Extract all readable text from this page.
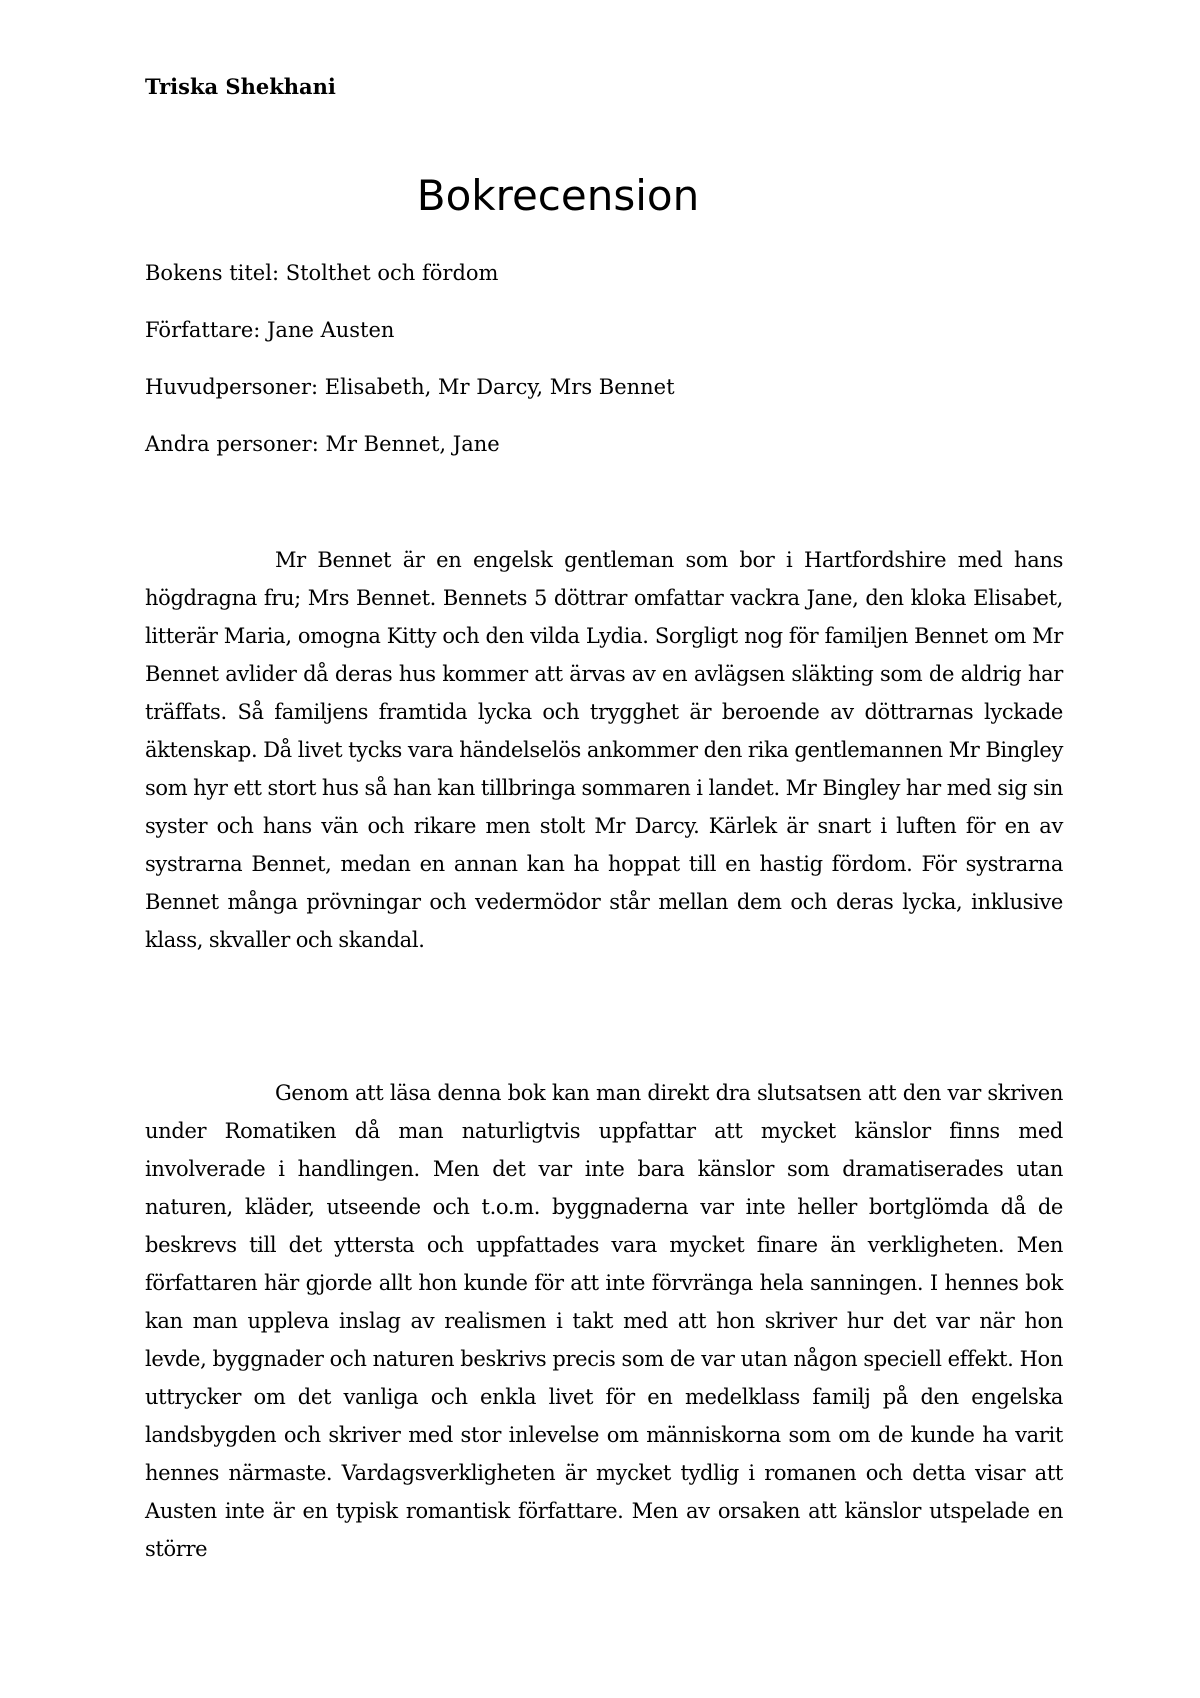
Triska Shekhani
Bokrecension
Bokens titel: Stolthet och fördom
Författare: Jane Austen
Huvudpersoner: Elisabeth, Mr Darcy, Mrs Bennet
Andra personer: Mr Bennet, Jane

Mr Bennet är en engelsk gentleman som bor i Hartfordshire med hans högdragna fru; Mrs Bennet. Bennets 5 döttrar omfattar vackra Jane, den kloka Elisabet, litterär Maria, omogna Kitty och den vilda Lydia. Sorgligt nog för familjen Bennet om Mr Bennet avlider då deras hus kommer att ärvas av en avlägsen släkting som de aldrig har träffats. Så familjens framtida lycka och trygghet är beroende av döttrarnas lyckade äktenskap. Då livet tycks vara händelselös ankommer den rika gentlemannen Mr Bingley som hyr ett stort hus så han kan tillbringa sommaren i landet. Mr Bingley har med sig sin syster och hans vän och rikare men stolt Mr Darcy. Kärlek är snart i luften för en av systrarna Bennet, medan en annan kan ha hoppat till en hastig fördom. För systrarna Bennet många prövningar och vedermödor står mellan dem och deras lycka, inklusive klass, skvaller och skandal.

Genom att läsa denna bok kan man direkt dra slutsatsen att den var skriven under Romatiken då man naturligtvis uppfattar att mycket känslor finns med involverade i handlingen. Men det var inte bara känslor som dramatiserades utan naturen, kläder, utseende och t.o.m. byggnaderna var inte heller bortglömda då de beskrevs till det yttersta och uppfattades vara mycket finare än verkligheten. Men författaren här gjorde allt hon kunde för att inte förvränga hela sanningen. I hennes bok kan man uppleva inslag av realismen i takt med att hon skriver hur det var när hon levde, byggnader och naturen beskrivs precis som de var utan någon speciell effekt. Hon uttrycker om det vanliga och enkla livet för en medelklass familj på den engelska landsbygden och skriver med stor inlevelse om människorna som om de kunde ha varit hennes närmaste. Vardagsverkligheten är mycket tydlig i romanen och detta visar att Austen inte är en typisk romantisk författare. Men av orsaken att känslor utspelade en större
